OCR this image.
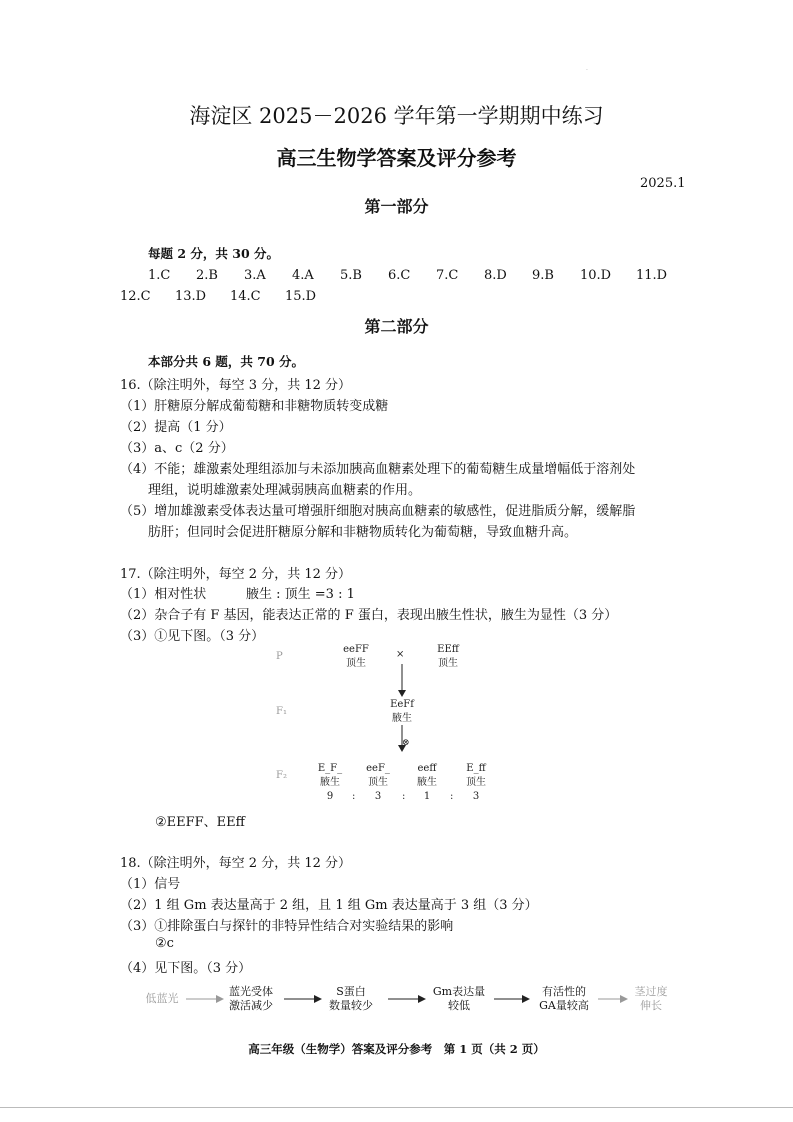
.
海淀区 2025－2026 学年第一学期期中练习
高三生物学答案及评分参考
2025.1
第一部分
每题 2 分，共 30 分。
1.C 2.B 3.A 4.A 5.B 6.C 7.C 8.D 9.B 10.D 11.D
12.C 13.D 14.C 15.D
第二部分
本部分共 6 题，共 70 分。
16.（除注明外，每空 3 分，共 12 分）
（1）肝糖原分解成葡萄糖和非糖物质转变成糖
（2）提高（1 分）
（3）a、c（2 分）
（4）不能；雄激素处理组添加与未添加胰高血糖素处理下的葡萄糖生成量增幅低于溶剂处
理组，说明雄激素处理减弱胰高血糖素的作用。
（5）增加雄激素受体表达量可增强肝细胞对胰高血糖素的敏感性，促进脂质分解，缓解脂
肪肝；但同时会促进肝糖原分解和非糖物质转化为葡萄糖，导致血糖升高。
17.（除注明外，每空 2 分，共 12 分）
（1）相对性状	腋生 : 顶生 =3 : 1
（2）杂合子有 F 基因，能表达正常的 F 蛋白，表现出腋生性状，腋生为显性（3 分）
（3）①见下图。（3 分）
P
eeFF
顶生
×	EEff
顶生
F₁
EeFf
腋生
⊗
F₂
E_F_
腋生
9	:
eeF_
顶生
3	:
eeff
腋生
1	:
E_ff
顶生
3
②EEFF、EEff
18.（除注明外，每空 2 分，共 12 分）
（1）信号
（2）1 组 Gm 表达量高于 2 组，且 1 组 Gm 表达量高于 3 组（3 分）
（3）①排除蛋白与探针的非特异性结合对实验结果的影响
②c
（4）见下图。（3 分）
低蓝光
蓝光受体
激活减少
S蛋白
数量较少
Gm表达量
较低
有活性的
GA量较高
茎过度
伸长
高三年级（生物学）答案及评分参考　第 1 页（共 2 页）
